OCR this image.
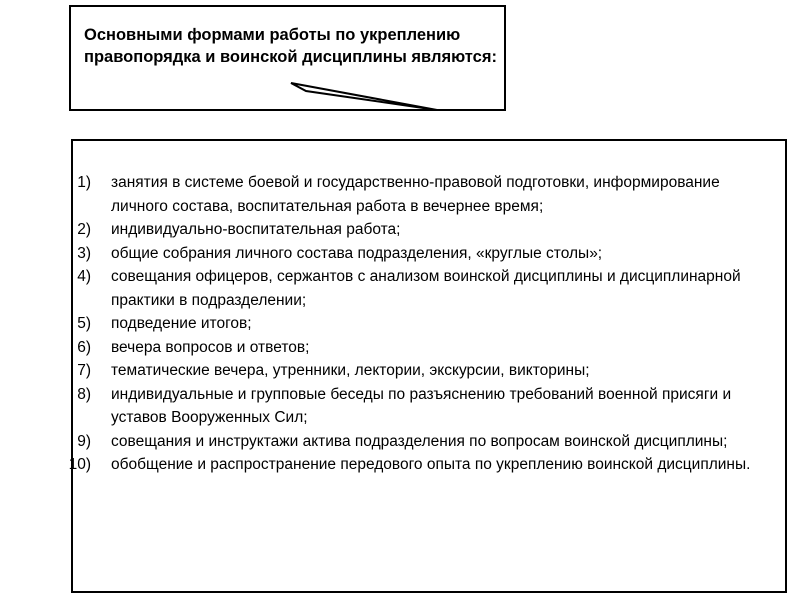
Основными формами работы по укреплению правопорядка и воинской дисциплины являются:

1) занятия в системе боевой и государственно-правовой подготовки, информирование личного состава, воспитательная работа в вечернее время;
2) индивидуально-воспитательная работа;
3) общие собрания личного состава подразделения, «круглые столы»;
4) совещания офицеров, сержантов с анализом воинской дисциплины и дисциплинарной практики в подразделении;
5) подведение итогов;
6) вечера вопросов и ответов;
7) тематические вечера, утренники, лектории, экскурсии, викторины;
8) индивидуальные и групповые беседы по разъяснению требований военной присяги и уставов Вооруженных Сил;
9) совещания и инструктажи актива подразделения по вопросам воинской дисциплины;
10) обобщение и распространение передового опыта по укреплению воинской дисциплины.
